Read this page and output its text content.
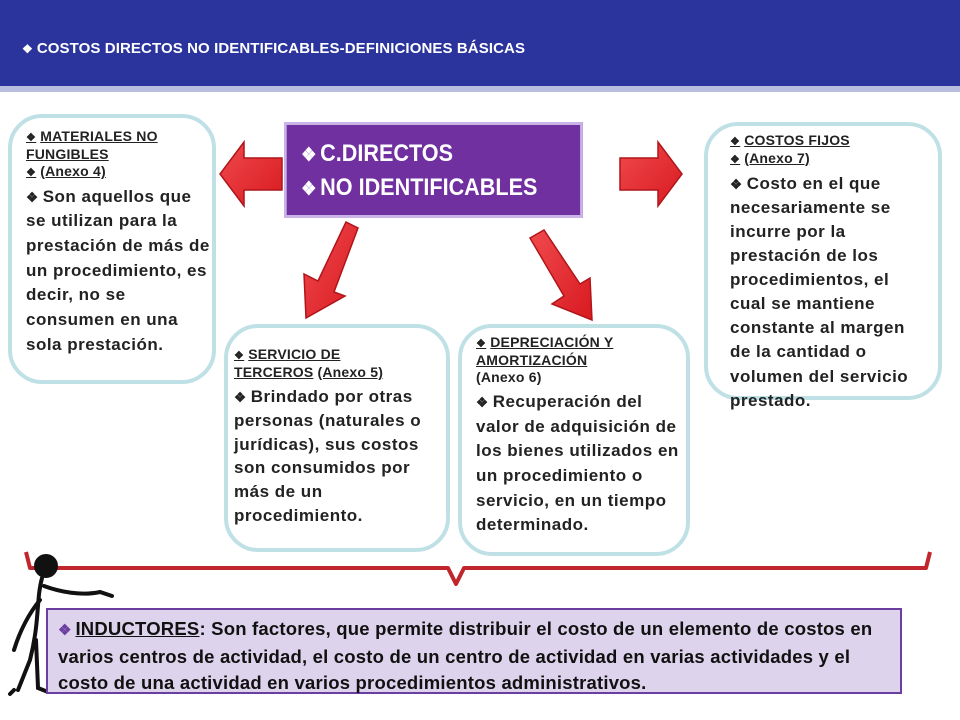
❖ COSTOS DIRECTOS NO IDENTIFICABLES-DEFINICIONES BÁSICAS
❖ C.DIRECTOS
❖ NO IDENTIFICABLES
❖ MATERIALES NO
FUNGIBLES
❖ (Anexo 4)
❖ Son aquellos que se utilizan para la prestación de más de un procedimiento, es decir, no se consumen en una sola prestación.
❖ SERVICIO DE
TERCEROS (Anexo 5)
❖ Brindado por otras personas (naturales o jurídicas), sus costos son consumidos por más de un procedimiento.
❖ DEPRECIACIÓN Y
AMORTIZACIÓN
(Anexo 6)
❖ Recuperación del valor de adquisición de los bienes utilizados en un procedimiento o servicio, en un tiempo determinado.
❖ COSTOS FIJOS
❖ (Anexo 7)
❖ Costo en el que necesariamente se incurre por la prestación de los procedimientos, el cual se mantiene constante al margen de la cantidad o volumen del servicio prestado.
❖ INDUCTORES: Son factores, que permite distribuir el costo de un elemento de costos en varios centros de actividad, el costo de un centro de actividad en varias actividades y el costo de una actividad en varios procedimientos administrativos.
